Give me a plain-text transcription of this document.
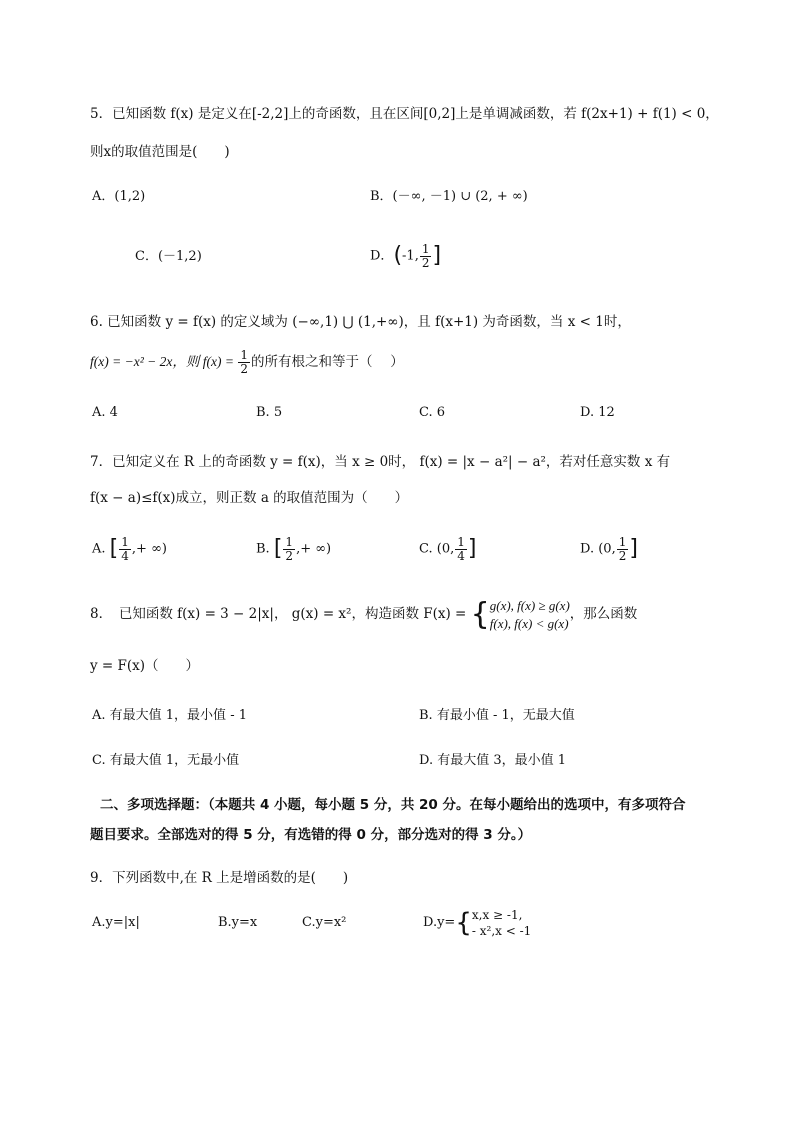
5．已知函数 f(x) 是定义在[-2,2]上的奇函数，且在区间[0,2]上是单调减函数，若 f(2x+1) + f(1) < 0，
则x的取值范围是(　　)
A．(1,2)	B．(－∞, －1) ∪ (2, + ∞)
C．(－1,2)	D．(-1, $\frac{1}{2}$ ]
6. 已知函数 y = f(x) 的定义域为 (−∞,1) ⋃ (1,+∞)，且 f(x+1) 为奇函数，当 x < 1时，
f(x) = −x² − 2x，则 $f(x) = \frac{1}{2}$ 的所有根之和等于（　 ）
A. 4	B. 5	C. 6	D. 12
7．已知定义在 R 上的奇函数 y = f(x)，当 x ≥ 0时， f(x) = |x − a²| − a²，若对任意实数 x 有
f(x − a)≤f(x)成立，则正数 a 的取值范围为（　　）
A. [ $\frac{1}{4}$ ,+ ∞)	B. [ $\frac{1}{2}$ ,+ ∞)	C. (0, $\frac{1}{4}$ ]	D. (0, $\frac{1}{2}$ ]
8．　已知函数 f(x) = 3 − 2|x|， g(x) = x²，构造函数 F(x) = { g(x), f(x) ≥ g(x)
f(x), f(x) < g(x)
，那么函数
y = F(x)（　　）
A. 有最大值 1，最小值 - 1	B. 有最小值 - 1，无最大值
C. 有最大值 1，无最小值	D. 有最大值 3，最小值 1
二、多项选择题：（本题共 4 小题，每小题 5 分，共 20 分。在每小题给出的选项中，有多项符合
题目要求。全部选对的得 5 分，有选错的得 0 分，部分选对的得 3 分。）
9．下列函数中,在 R 上是增函数的是(　　)
A.y=|x|	B.y=x	C.y=x²	D.y={ x,x ≥ -1,
- x²,x < -1
